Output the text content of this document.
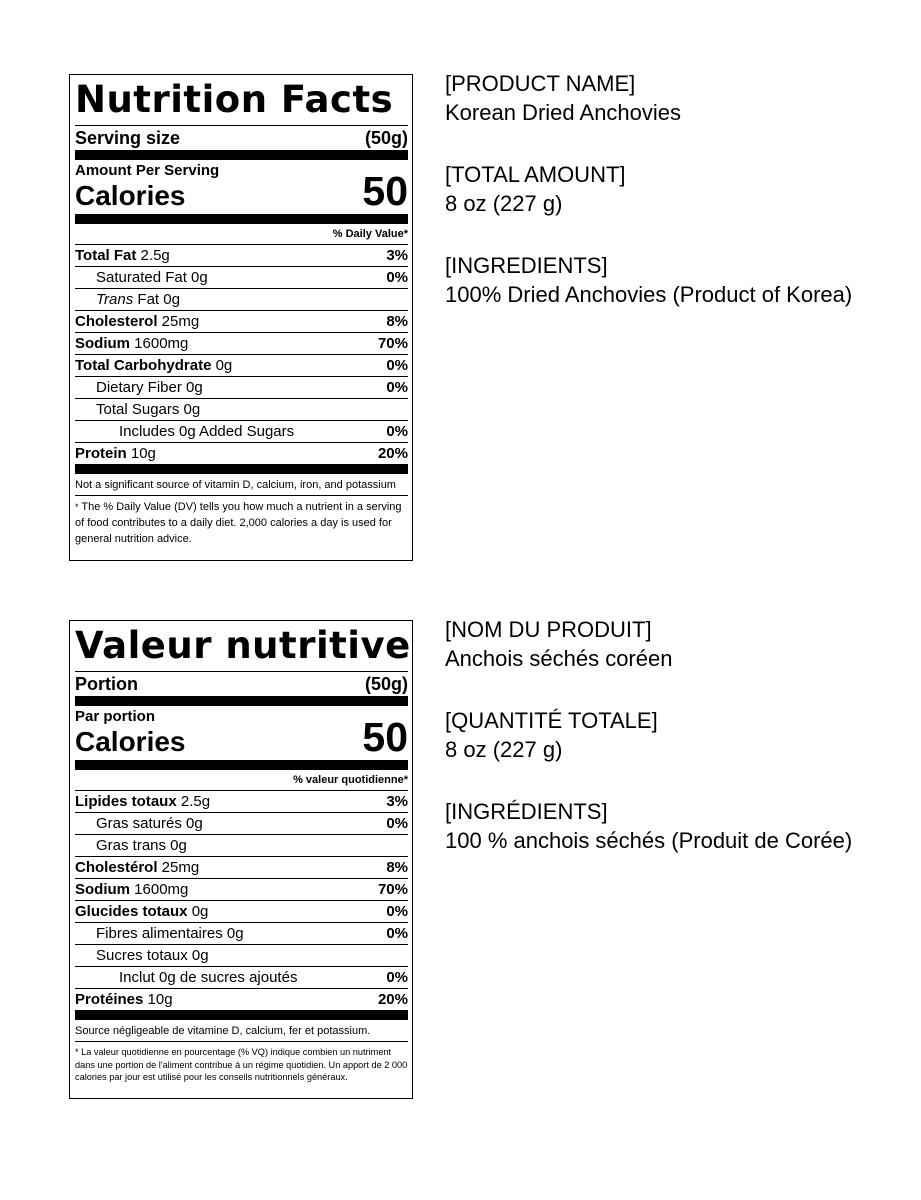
Nutrition Facts
Serving size	(50g)
Amount Per Serving
Calories	50
% Daily Value*
Total Fat 2.5g	3%
Saturated Fat 0g	0%
Trans Fat 0g
Cholesterol 25mg	8%
Sodium 1600mg	70%
Total Carbohydrate 0g	0%
Dietary Fiber 0g	0%
Total Sugars 0g
Includes 0g Added Sugars	0%
Protein 10g	20%
Not a significant source of vitamin D, calcium, iron, and potassium
* The % Daily Value (DV) tells you how much a nutrient in a serving of food contributes to a daily diet. 2,000 calories a day is used for general nutrition advice.
[PRODUCT NAME]
Korean Dried Anchovies
[TOTAL AMOUNT]
8 oz (227 g)
[INGREDIENTS]
100% Dried Anchovies (Product of Korea)
Valeur nutritive
Portion	(50g)
Par portion
Calories	50
% valeur quotidienne*
Lipides totaux 2.5g	3%
Gras saturés 0g	0%
Gras trans 0g
Cholestérol 25mg	8%
Sodium 1600mg	70%
Glucides totaux 0g	0%
Fibres alimentaires 0g	0%
Sucres totaux 0g
Inclut 0g de sucres ajoutés	0%
Protéines 10g	20%
Source négligeable de vitamine D, calcium, fer et potassium.
* La valeur quotidienne en pourcentage (% VQ) indique combien un nutriment dans une portion de l'aliment contribue à un régime quotidien. Un apport de 2 000 calories par jour est utilisé pour les conseils nutritionnels généraux.
[NOM DU PRODUIT]
Anchois séchés coréen
[QUANTITÉ TOTALE]
8 oz (227 g)
[INGRÉDIENTS]
100 % anchois séchés (Produit de Corée)
